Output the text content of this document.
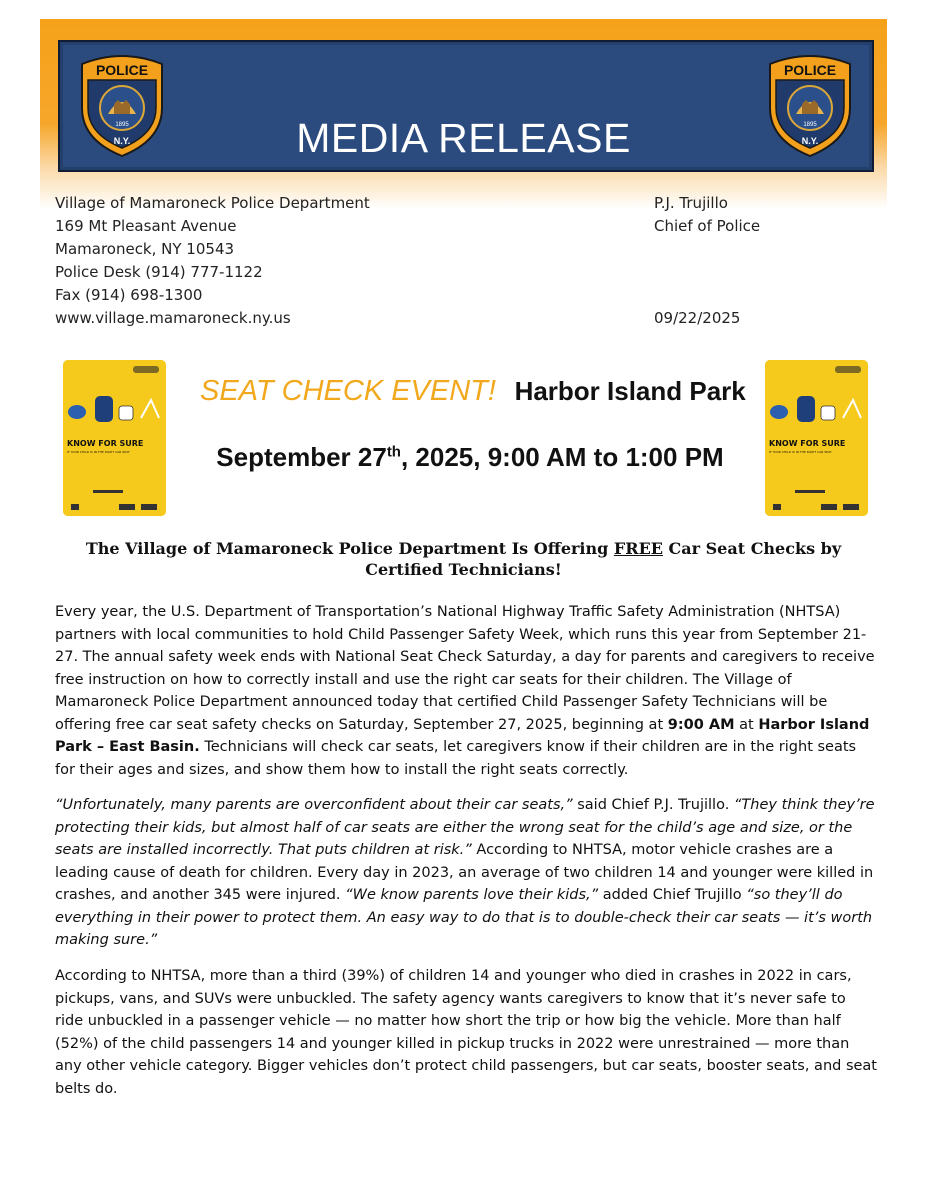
MEDIA RELEASE
POLICE
1895
N.Y.
POLICE
1895
N.Y.
Village of Mamaroneck Police Department
169 Mt Pleasant Avenue
Mamaroneck, NY 10543
Police Desk (914) 777-1122
Fax (914) 698-1300
www.village.mamaroneck.ny.us
P.J. Trujillo
Chief of Police
09/22/2025
KNOW FOR SURE
IF YOUR CHILD IS IN THE RIGHT CAR SEAT
KNOW FOR SURE
IF YOUR CHILD IS IN THE RIGHT CAR SEAT
SEAT CHECK EVENT! Harbor Island Park
September 27th, 2025, 9:00 AM to 1:00 PM
The Village of Mamaroneck Police Department Is Offering FREE Car Seat Checks by Certified Technicians!
Every year, the U.S. Department of Transportation’s National Highway Traffic Safety Administration (NHTSA) partners with local communities to hold Child Passenger Safety Week, which runs this year from September 21-27. The annual safety week ends with National Seat Check Saturday, a day for parents and caregivers to receive free instruction on how to correctly install and use the right car seats for their children. The Village of Mamaroneck Police Department announced today that certified Child Passenger Safety Technicians will be offering free car seat safety checks on Saturday, September 27, 2025, beginning at 9:00 AM at Harbor Island Park – East Basin. Technicians will check car seats, let caregivers know if their children are in the right seats for their ages and sizes, and show them how to install the right seats correctly.
“Unfortunately, many parents are overconfident about their car seats,” said Chief P.J. Trujillo. “They think they’re protecting their kids, but almost half of car seats are either the wrong seat for the child’s age and size, or the seats are installed incorrectly. That puts children at risk.” According to NHTSA, motor vehicle crashes are a leading cause of death for children. Every day in 2023, an average of two children 14 and younger were killed in crashes, and another 345 were injured. “We know parents love their kids,” added Chief Trujillo “so they’ll do everything in their power to protect them. An easy way to do that is to double-check their car seats — it’s worth making sure.”
According to NHTSA, more than a third (39%) of children 14 and younger who died in crashes in 2022 in cars, pickups, vans, and SUVs were unbuckled. The safety agency wants caregivers to know that it’s never safe to ride unbuckled in a passenger vehicle — no matter how short the trip or how big the vehicle. More than half (52%) of the child passengers 14 and younger killed in pickup trucks in 2022 were unrestrained — more than any other vehicle category. Bigger vehicles don’t protect child passengers, but car seats, booster seats, and seat belts do.
